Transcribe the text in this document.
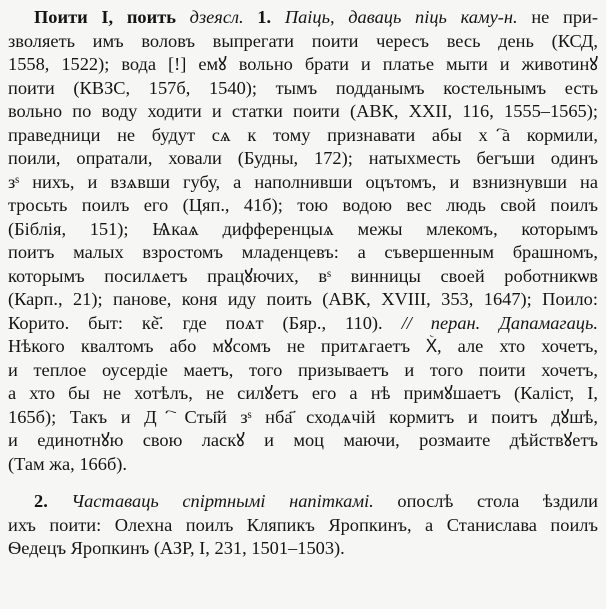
Поити I, поить дзеясл. 1. Паіць, даваць піць каму-н. не при-
зволяеть имъ воловъ выпрегати поити чересъ весь день (КСД,
1558, 1522); вода [!] емꙋ вольно брати и платье мыти и животинꙋ
поити (КВЗС, 157б, 1540); тымъ подданымъ костельнымъ есть
вольно по воду ходити и статки поити (АВК, XXII, 116, 1555–1565);
праведници не будут сѧ к тому признавати абы хⷭ҇а кормили,
поили, опратали, ховали (Будны, 172); натыхместь бегъши одинъ
зˢ нихъ, и взѧвши губу, а наполнивши оцътомъ, и взнизнувши на
тросьть поилъ его (Цяп., 41б); тою водою вес людь свой поилъ
(Біблія, 151); Ѩкаѧ дифференцыѧ межы млекомъ, которымъ
поитъ малых взростомъ младенцевъ: а съвершенным брашномъ,
которымъ посилѧетъ працꙋючих, вˢ винницы своей роботникѡв
(Карп., 21); панове, коня иду поить (АВК, XVIII, 353, 1647); Поило:
Корито. быт: кѐ҃. где поѧт (Бяр., 110). // перан. Дапамагаць.
Нѣкого квалтомъ або мꙋсомъ не притѧгаетъ Хⷭ҇, але хто хочетъ,
и теплое оусердіе маетъ, того призываетъ и того поити хочетъ,
а хто бы не хотѣлъ, не силꙋетъ его а нѣ примꙋшаетъ (Каліст, I,
165б); Такъ и Дⷯ҇ Сты҃й зˢ нба҃ сходѧчій кормитъ и поитъ дꙋшѣ,
и единотнꙋю свою ласкꙋ и моц маючи, розмаите дѣйствꙋетъ
(Там жа, 166б).
2. Частаваць спіртнымі напіткамі. опослѣ стола ѣздили
ихъ поити: Олехна поилъ Кляпикъ Яропкинъ, а Станислава поилъ
Ѳедецъ Яропкинъ (АЗР, I, 231, 1501–1503).
